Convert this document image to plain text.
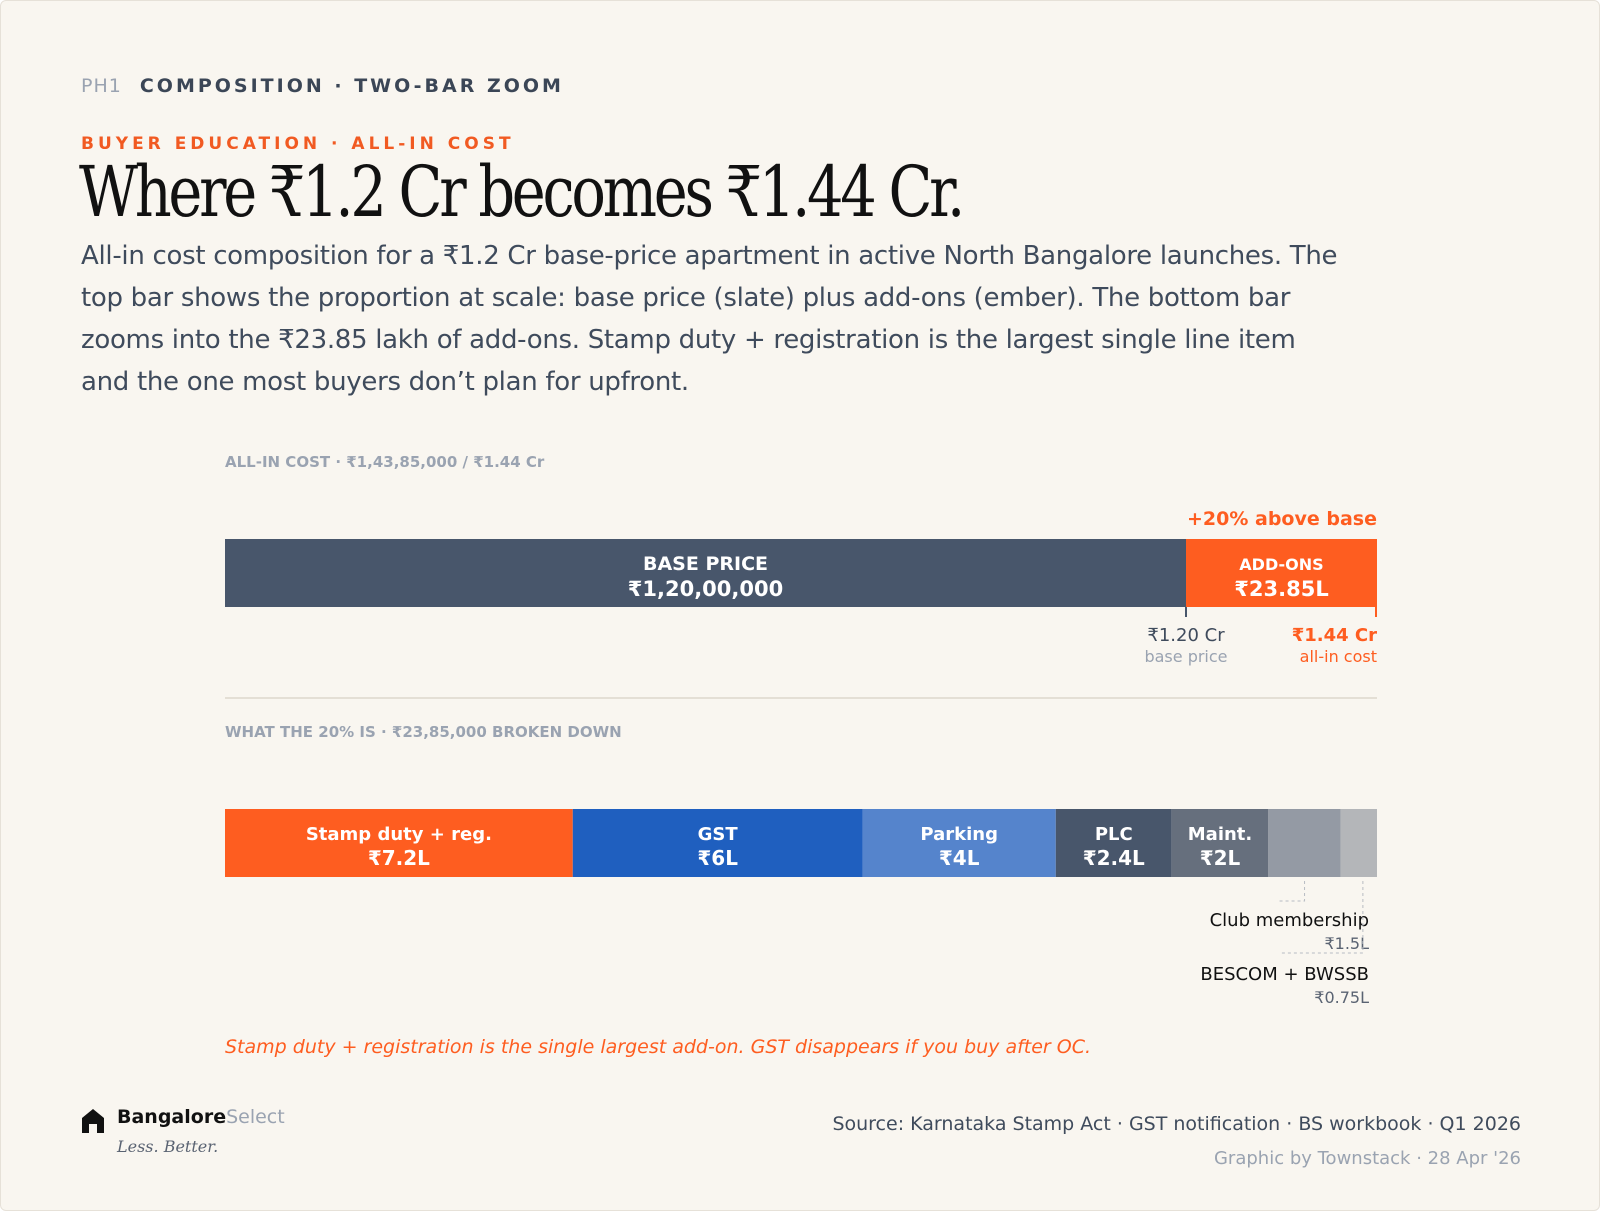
PH1 COMPOSITION · TWO-BAR ZOOM
BUYER EDUCATION · ALL-IN COST
Where ₹1.2 Cr becomes ₹1.44 Cr.
All-in cost composition for a ₹1.2 Cr base-price apartment in active North Bangalore launches. The top bar shows the proportion at scale: base price (slate) plus add-ons (ember). The bottom bar zooms into the ₹23.85 lakh of add-ons. Stamp duty + registration is the largest single line item and the one most buyers don’t plan for upfront.
ALL-IN COST · ₹1,43,85,000 / ₹1.44 Cr
+20% above base
BASE PRICE
₹1,20,00,000
ADD-ONS
₹23.85L
₹1.20 Cr
base price
₹1.44 Cr
all-in cost
WHAT THE 20% IS · ₹23,85,000 BROKEN DOWN
Stamp duty + reg.
₹7.2L
GST
₹6L
Parking
₹4L
PLC
₹2.4L
Maint.
₹2L
Club membership
₹1.5L
BESCOM + BWSSB
₹0.75L
Stamp duty + registration is the single largest add-on. GST disappears if you buy after OC.
BangaloreSelect
Less. Better.
Source: Karnataka Stamp Act · GST notification · BS workbook · Q1 2026
Graphic by Townstack · 28 Apr '26
